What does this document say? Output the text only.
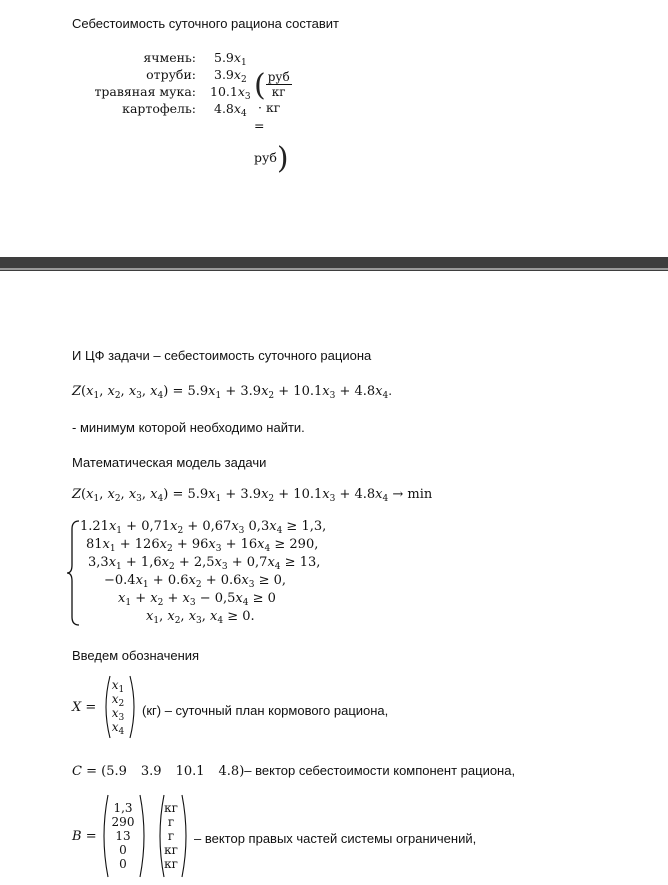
Себестоимость суточного рациона составит
ячмень:
отруби:
травяная мука:
картофель:
$5.9x_1$
$3.9x_2$
$10.1x_3$
$4.8x_4$
( $\frac{\text{руб}}{кг}$
· кг = руб)
И ЦФ задачи – себестоимость суточного рациона
$Z(x_1$, $x_2$, $x_3$, $x_4) = 5.9x_1 + 3.9x_2 + 10.1x_3 + 4.8x_4$.
- минимум которой необходимо найти.
Математическая модель задачи
$Z(x_1$, $x_2$, $x_3$, $x_4) = 5.9x_1 + 3.9x_2 + 10.1x_3 + 4.8x_4 \to \min$
$1.21x_1 + 0,71x_2 + 0,67x_3$ $0,3x_4 \ge 1,3$,
$81x_1 + 126x_2 + 96x_3 + 16x_4 \ge 290$,
$3,3x_1 + 1,6x_2 + 2,5x_3 + 0,7x_4 \ge 13$,
$-0.4x_1 + 0.6x_2 + 0.6x_3 \ge 0$,
$x_1 + x_2 + x_3 - 0,5x_4 \ge 0$
$x_1$, $x_2$, $x_3$, $x_4 \ge 0$.
Введем обозначения
X =
$x_1$
$x_2$
$x_3$
$x_4$
(кг) – суточный план кормового рациона,
C = (5.9 3.9 10.1 4.8)– вектор себестоимости компонент рациона,
B =
1,3
290
13
0
0
кг
г
г
кг
кг
– вектор правых частей системы ограничений,
